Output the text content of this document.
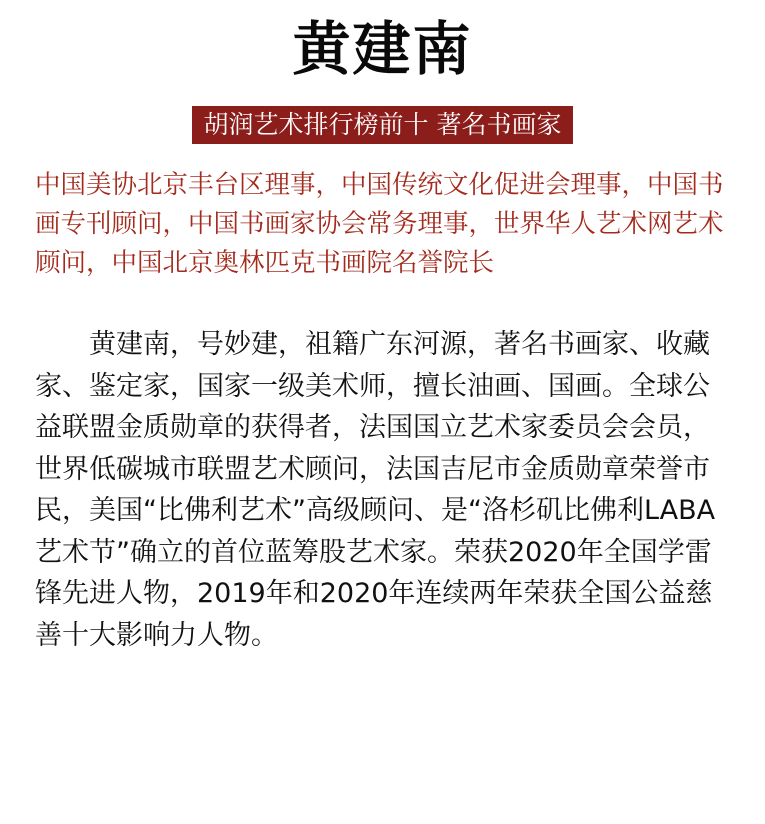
黄建南
胡润艺术排行榜前十 著名书画家
中国美协北京丰台区理事，中国传统文化促进会理事，中国书画专刊顾问，中国书画家协会常务理事，世界华人艺术网艺术顾问，中国北京奥林匹克书画院名誉院长
黄建南，号妙建，祖籍广东河源，著名书画家、收藏家、鉴定家，国家一级美术师，擅长油画、国画。全球公益联盟金质勋章的获得者，法国国立艺术家委员会会员，世界低碳城市联盟艺术顾问，法国吉尼市金质勋章荣誉市民，美国“比佛利艺术”高级顾问、是“洛杉矶比佛利LABA艺术节”确立的首位蓝筹股艺术家。荣获2020年全国学雷锋先进人物，2019年和2020年连续两年荣获全国公益慈善十大影响力人物。
